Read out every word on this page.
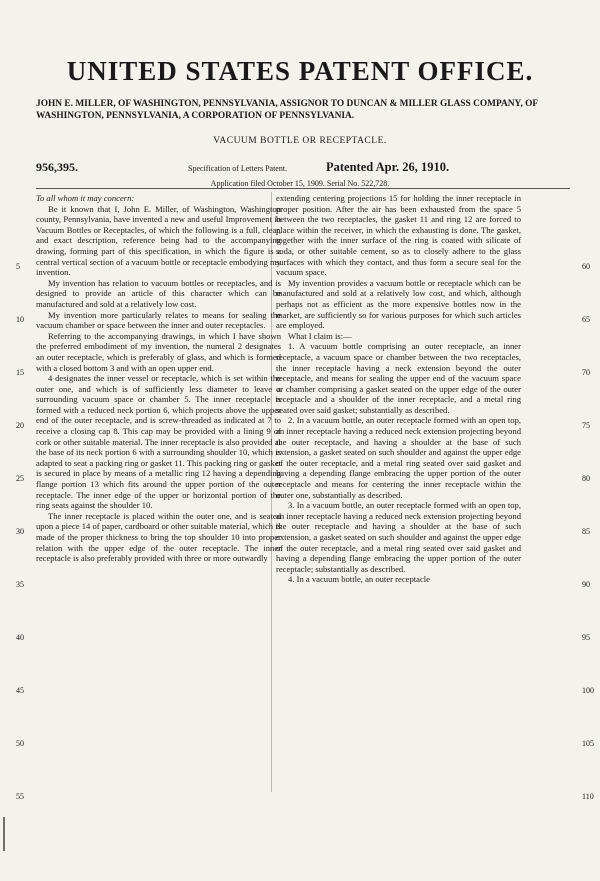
UNITED STATES PATENT OFFICE.
JOHN E. MILLER, OF WASHINGTON, PENNSYLVANIA, ASSIGNOR TO DUNCAN & MILLER GLASS COMPANY, OF WASHINGTON, PENNSYLVANIA, A CORPORATION OF PENNSYLVANIA.
VACUUM BOTTLE OR RECEPTACLE.
956,395.	Specification of Letters Patent.	Patented Apr. 26, 1910.
Application filed October 15, 1909. Serial No. 522,728.

To all whom it may concern:

Be it known that I, John E. Miller, of Washington, Washington county, Pennsylvania, have invented a new and useful Improvement in Vacuum Bottles or Receptacles, of which the following is a full, clear, and exact description, reference being had to the accompanying drawing, forming part of this specification, in which the figure is a central vertical section of a vacuum bottle or receptacle embodying my invention.

My invention has relation to vacuum bottles or receptacles, and is designed to provide an article of this character which can be manufactured and sold at a relatively low cost.

My invention more particularly relates to means for sealing the vacuum chamber or space between the inner and outer receptacles.

Referring to the accompanying drawings, in which I have shown the preferred embodiment of my invention, the numeral 2 designates an outer receptacle, which is preferably of glass, and which is formed with a closed bottom 3 and with an open upper end.

4 designates the inner vessel or receptacle, which is set within the outer one, and which is of sufficiently less diameter to leave a surrounding vacuum space or chamber 5. The inner receptacle is formed with a reduced neck portion 6, which projects above the upper end of the outer receptacle, and is screw-threaded as indicated at 7 to receive a closing cap 8. This cap may be provided with a lining 9 of cork or other suitable material. The inner receptacle is also provided at the base of its neck portion 6 with a surrounding shoulder 10, which is adapted to seat a packing ring or gasket 11. This packing ring or gasket is secured in place by means of a metallic ring 12 having a depending flange portion 13 which fits around the upper portion of the outer receptacle. The inner edge of the upper or horizontal portion of the ring seats against the shoulder 10.

The inner receptacle is placed within the outer one, and is seated upon a piece 14 of paper, cardboard or other suitable material, which is made of the proper thickness to bring the top shoulder 10 into proper relation with the upper edge of the outer receptacle. The inner receptacle is also preferably provided with three or more outwardly

extending centering projections 15 for holding the inner receptacle in proper position. After the air has been exhausted from the space 5 between the two receptacles, the gasket 11 and ring 12 are forced to place within the receiver, in which the exhausting is done. The gasket, together with the inner surface of the ring is coated with silicate of soda, or other suitable cement, so as to closely adhere to the glass surfaces with which they contact, and thus form a secure seal for the vacuum space.

My invention provides a vacuum bottle or receptacle which can be manufactured and sold at a relatively low cost, and which, although perhaps not as efficient as the more expensive bottles now in the market, are sufficiently so for various purposes for which such articles are employed.

What I claim is:—

1. A vacuum bottle comprising an outer receptacle, an inner receptacle, a vacuum space or chamber between the two receptacles, the inner receptacle having a neck extension beyond the outer receptacle, and means for sealing the upper end of the vacuum space or chamber comprising a gasket seated on the upper edge of the outer receptacle and a shoulder of the inner receptacle, and a metal ring seated over said gasket; substantially as described.

2. In a vacuum bottle, an outer receptacle formed with an open top, an inner receptacle having a reduced neck extension projecting beyond the outer receptacle, and having a shoulder at the base of such extension, a gasket seated on such shoulder and against the upper edge of the outer receptacle, and a metal ring seated over said gasket and having a depending flange embracing the upper portion of the outer receptacle and means for centering the inner receptacle within the outer one, substantially as described.

3. In a vacuum bottle, an outer receptacle formed with an open top, an inner receptacle having a reduced neck extension projecting beyond the outer receptacle and having a shoulder at the base of such extension, a gasket seated on such shoulder and against the upper edge of the outer receptacle, and a metal ring seated over said gasket and having a depending flange embracing the upper portion of the outer receptacle; substantially as described.

4. In a vacuum bottle, an outer receptacle

5
10
15
20
25
30
35
40
45
50
55
60
65
70
75
80
85
90
95
100
105
110
